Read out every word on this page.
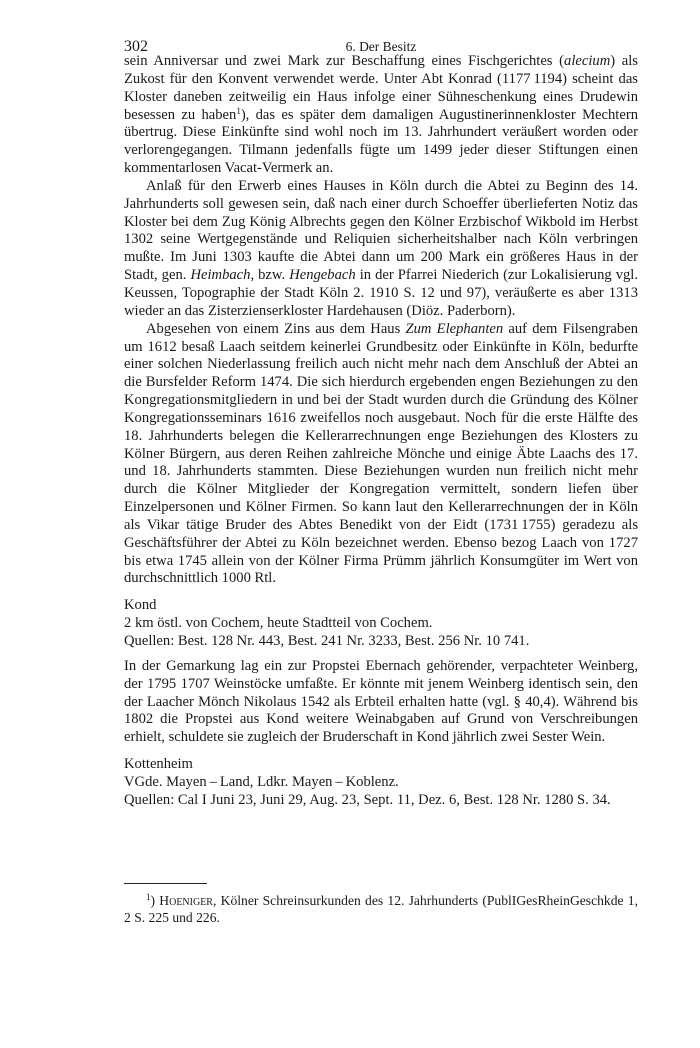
302	6. Der Besitz

sein Anniversar und zwei Mark zur Beschaffung eines Fischgerichtes (alecium) als Zukost für den Konvent verwendet werde. Unter Abt Konrad (1177 1194) scheint das Kloster daneben zeitweilig ein Haus infolge einer Sühneschenkung eines Drudewin besessen zu haben$^1$), das es später dem damaligen Augustinerinnenkloster Mechtern übertrug. Diese Einkünfte sind wohl noch im 13. Jahrhundert veräußert worden oder verlorengegangen. Tilmann jedenfalls fügte um 1499 jeder dieser Stiftungen einen kommentarlosen Vacat-Vermerk an.

Anlaß für den Erwerb eines Hauses in Köln durch die Abtei zu Beginn des 14. Jahrhunderts soll gewesen sein, daß nach einer durch Schoeffer überlieferten Notiz das Kloster bei dem Zug König Albrechts gegen den Kölner Erzbischof Wikbold im Herbst 1302 seine Wertgegenstände und Reliquien sicherheitshalber nach Köln verbringen mußte. Im Juni 1303 kaufte die Abtei dann um 200 Mark ein größeres Haus in der Stadt, gen. Heimbach, bzw. Hengebach in der Pfarrei Niederich (zur Lokalisierung vgl. Keussen, Topographie der Stadt Köln 2. 1910 S. 12 und 97), veräußerte es aber 1313 wieder an das Zisterzienserkloster Hardehausen (Diöz. Paderborn).

Abgesehen von einem Zins aus dem Haus Zum Elephanten auf dem Filsengraben um 1612 besaß Laach seitdem keinerlei Grundbesitz oder Einkünfte in Köln, bedurfte einer solchen Niederlassung freilich auch nicht mehr nach dem Anschluß der Abtei an die Bursfelder Reform 1474. Die sich hierdurch ergebenden engen Beziehungen zu den Kongregationsmitgliedern in und bei der Stadt wurden durch die Gründung des Kölner Kongregationsseminars 1616 zweifellos noch ausgebaut. Noch für die erste Hälfte des 18. Jahrhunderts belegen die Kellerarrechnungen enge Beziehungen des Klosters zu Kölner Bürgern, aus deren Reihen zahlreiche Mönche und einige Äbte Laachs des 17. und 18. Jahrhunderts stammten. Diese Beziehungen wurden nun freilich nicht mehr durch die Kölner Mitglieder der Kongregation vermittelt, sondern liefen über Einzelpersonen und Kölner Firmen. So kann laut den Kellerarrechnungen der in Köln als Vikar tätige Bruder des Abtes Benedikt von der Eidt (1731 1755) geradezu als Geschäftsführer der Abtei zu Köln bezeichnet werden. Ebenso bezog Laach von 1727 bis etwa 1745 allein von der Kölner Firma Prümm jährlich Konsumgüter im Wert von durchschnittlich 1000 Rtl.

Kond

2 km östl. von Cochem, heute Stadtteil von Cochem.

Quellen: Best. 128 Nr. 443, Best. 241 Nr. 3233, Best. 256 Nr. 10 741.

In der Gemarkung lag ein zur Propstei Ebernach gehörender, verpachteter Weinberg, der 1795 1707 Weinstöcke umfaßte. Er könnte mit jenem Weinberg identisch sein, den der Laacher Mönch Nikolaus 1542 als Erbteil erhalten hatte (vgl. § 40,4). Während bis 1802 die Propstei aus Kond weitere Weinabgaben auf Grund von Verschreibungen erhielt, schuldete sie zugleich der Bruderschaft in Kond jährlich zwei Sester Wein.

Kottenheim

VGde. Mayen – Land, Ldkr. Mayen – Koblenz.

Quellen: Cal I Juni 23, Juni 29, Aug. 23, Sept. 11, Dez. 6, Best. 128 Nr. 1280 S. 34.

$^1$) Hoeniger, Kölner Schreinsurkunden des 12. Jahrhunderts (PublIGesRheinGeschkde 1, 2 S. 225 und 226.
